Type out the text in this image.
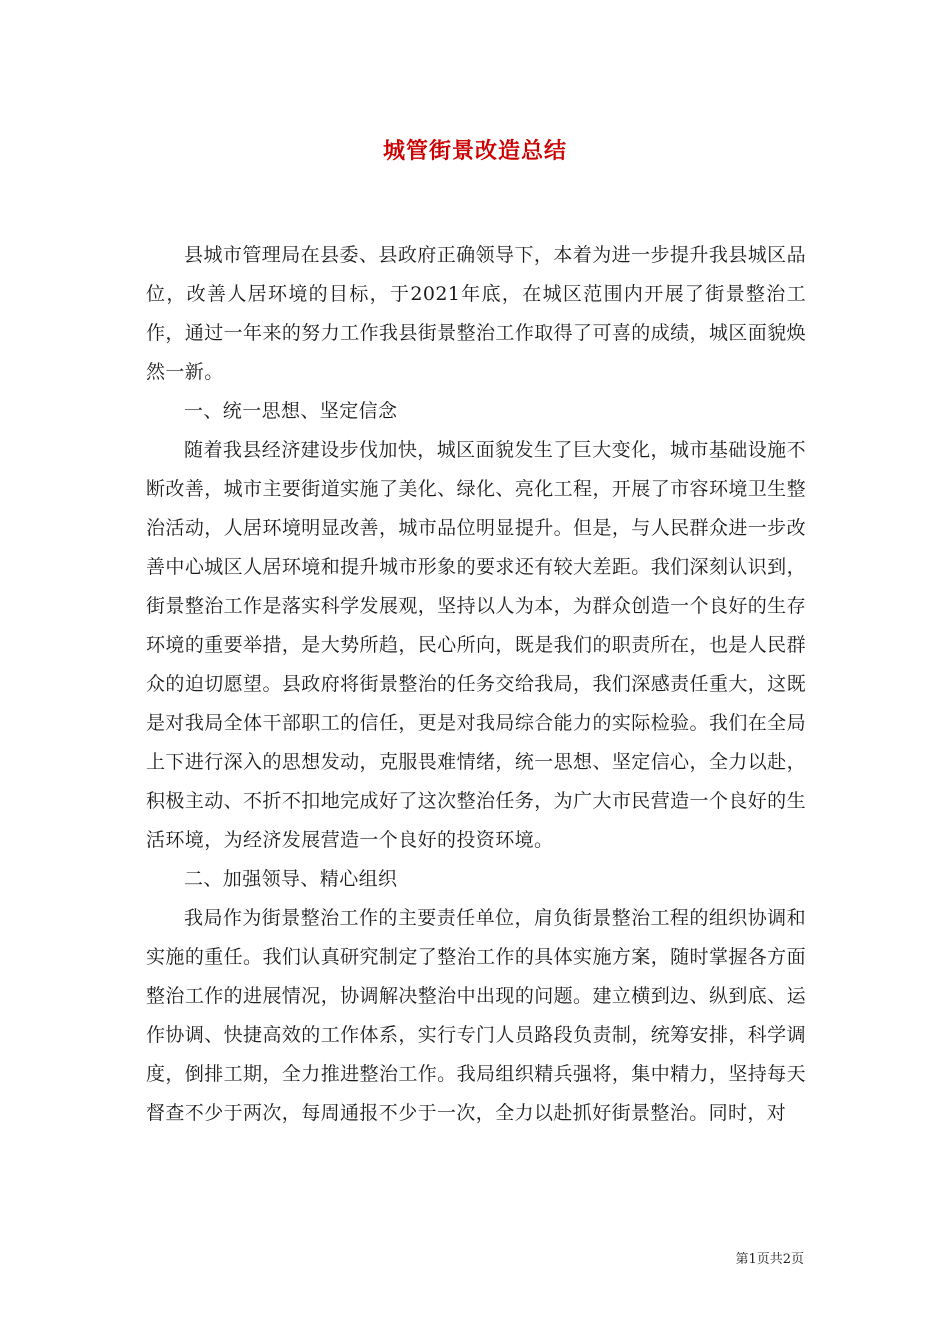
城管街景改造总结

县城市管理局在县委、县政府正确领导下，本着为进一步提升我县城区品位，改善人居环境的目标，于2021年底，在城区范围内开展了街景整治工作，通过一年来的努力工作我县街景整治工作取得了可喜的成绩，城区面貌焕然一新。

一、统一思想、坚定信念

随着我县经济建设步伐加快，城区面貌发生了巨大变化，城市基础设施不断改善，城市主要街道实施了美化、绿化、亮化工程，开展了市容环境卫生整治活动，人居环境明显改善，城市品位明显提升。但是，与人民群众进一步改善中心城区人居环境和提升城市形象的要求还有较大差距。我们深刻认识到，街景整治工作是落实科学发展观，坚持以人为本，为群众创造一个良好的生存环境的重要举措，是大势所趋，民心所向，既是我们的职责所在，也是人民群众的迫切愿望。县政府将街景整治的任务交给我局，我们深感责任重大，这既是对我局全体干部职工的信任，更是对我局综合能力的实际检验。我们在全局上下进行深入的思想发动，克服畏难情绪，统一思想、坚定信心，全力以赴，积极主动、不折不扣地完成好了这次整治任务，为广大市民营造一个良好的生活环境，为经济发展营造一个良好的投资环境。

二、加强领导、精心组织

我局作为街景整治工作的主要责任单位，肩负街景整治工程的组织协调和实施的重任。我们认真研究制定了整治工作的具体实施方案，随时掌握各方面整治工作的进展情况，协调解决整治中出现的问题。建立横到边、纵到底、运作协调、快捷高效的工作体系，实行专门人员路段负责制，统筹安排，科学调度，倒排工期，全力推进整治工作。我局组织精兵强将，集中精力，坚持每天督查不少于两次，每周通报不少于一次，全力以赴抓好街景整治。同时，对

第1页共2页
